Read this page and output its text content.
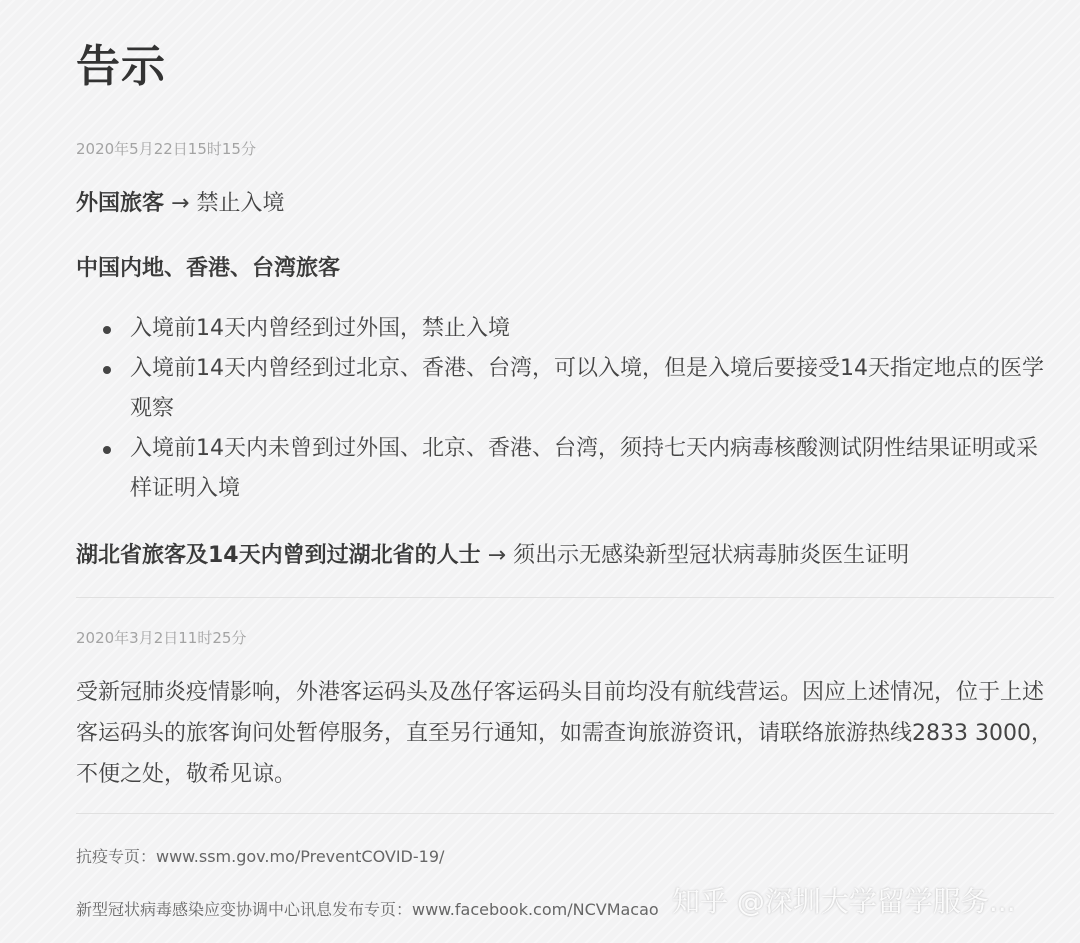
告示
2020年5月22日15时15分
外国旅客 → 禁止入境
中国内地、香港、台湾旅客
入境前14天内曾经到过外国，禁止入境
入境前14天内曾经到过北京、香港、台湾，可以入境，但是入境后要接受14天指定地点的医学观察
入境前14天内未曾到过外国、北京、香港、台湾，须持七天内病毒核酸测试阴性结果证明或采样证明入境
湖北省旅客及14天内曾到过湖北省的人士 → 须出示无感染新型冠状病毒肺炎医生证明
2020年3月2日11时25分
受新冠肺炎疫情影响，外港客运码头及氹仔客运码头目前均没有航线营运。因应上述情况，位于上述客运码头的旅客询问处暂停服务，直至另行通知，如需查询旅游资讯，请联络旅游热线2833 3000，不便之处，敬希见谅。
抗疫专页：www.ssm.gov.mo/PreventCOVID-19/
新型冠状病毒感染应变协调中心讯息发布专页：www.facebook.com/NCVMacao 知乎 @深圳大学留学服务...
